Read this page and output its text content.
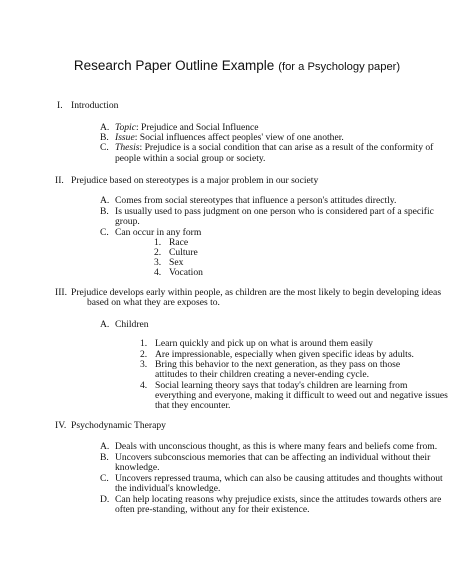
Research Paper Outline Example (for a Psychology paper)
I. Introduction
A. Topic: Prejudice and Social Influence
B. Issue: Social influences affect peoples' view of one another.
C. Thesis: Prejudice is a social condition that can arise as a result of the conformity of
people within a social group or society.
II. Prejudice based on stereotypes is a major problem in our society
A. Comes from social stereotypes that influence a person's attitudes directly.
B. Is usually used to pass judgment on one person who is considered part of a specific
group.
C. Can occur in any form
1. Race
2. Culture
3. Sex
4. Vocation
III. Prejudice develops early within people, as children are the most likely to begin developing ideas
based on what they are exposes to.
A. Children
1. Learn quickly and pick up on what is around them easily
2. Are impressionable, especially when given specific ideas by adults.
3. Bring this behavior to the next generation, as they pass on those
attitudes to their children creating a never-ending cycle.
4. Social learning theory says that today's children are learning from
everything and everyone, making it difficult to weed out and negative issues
that they encounter.
IV. Psychodynamic Therapy
A. Deals with unconscious thought, as this is where many fears and beliefs come from.
B. Uncovers subconscious memories that can be affecting an individual without their
knowledge.
C. Uncovers repressed trauma, which can also be causing attitudes and thoughts without
the individual's knowledge.
D. Can help locating reasons why prejudice exists, since the attitudes towards others are
often pre-standing, without any for their existence.
